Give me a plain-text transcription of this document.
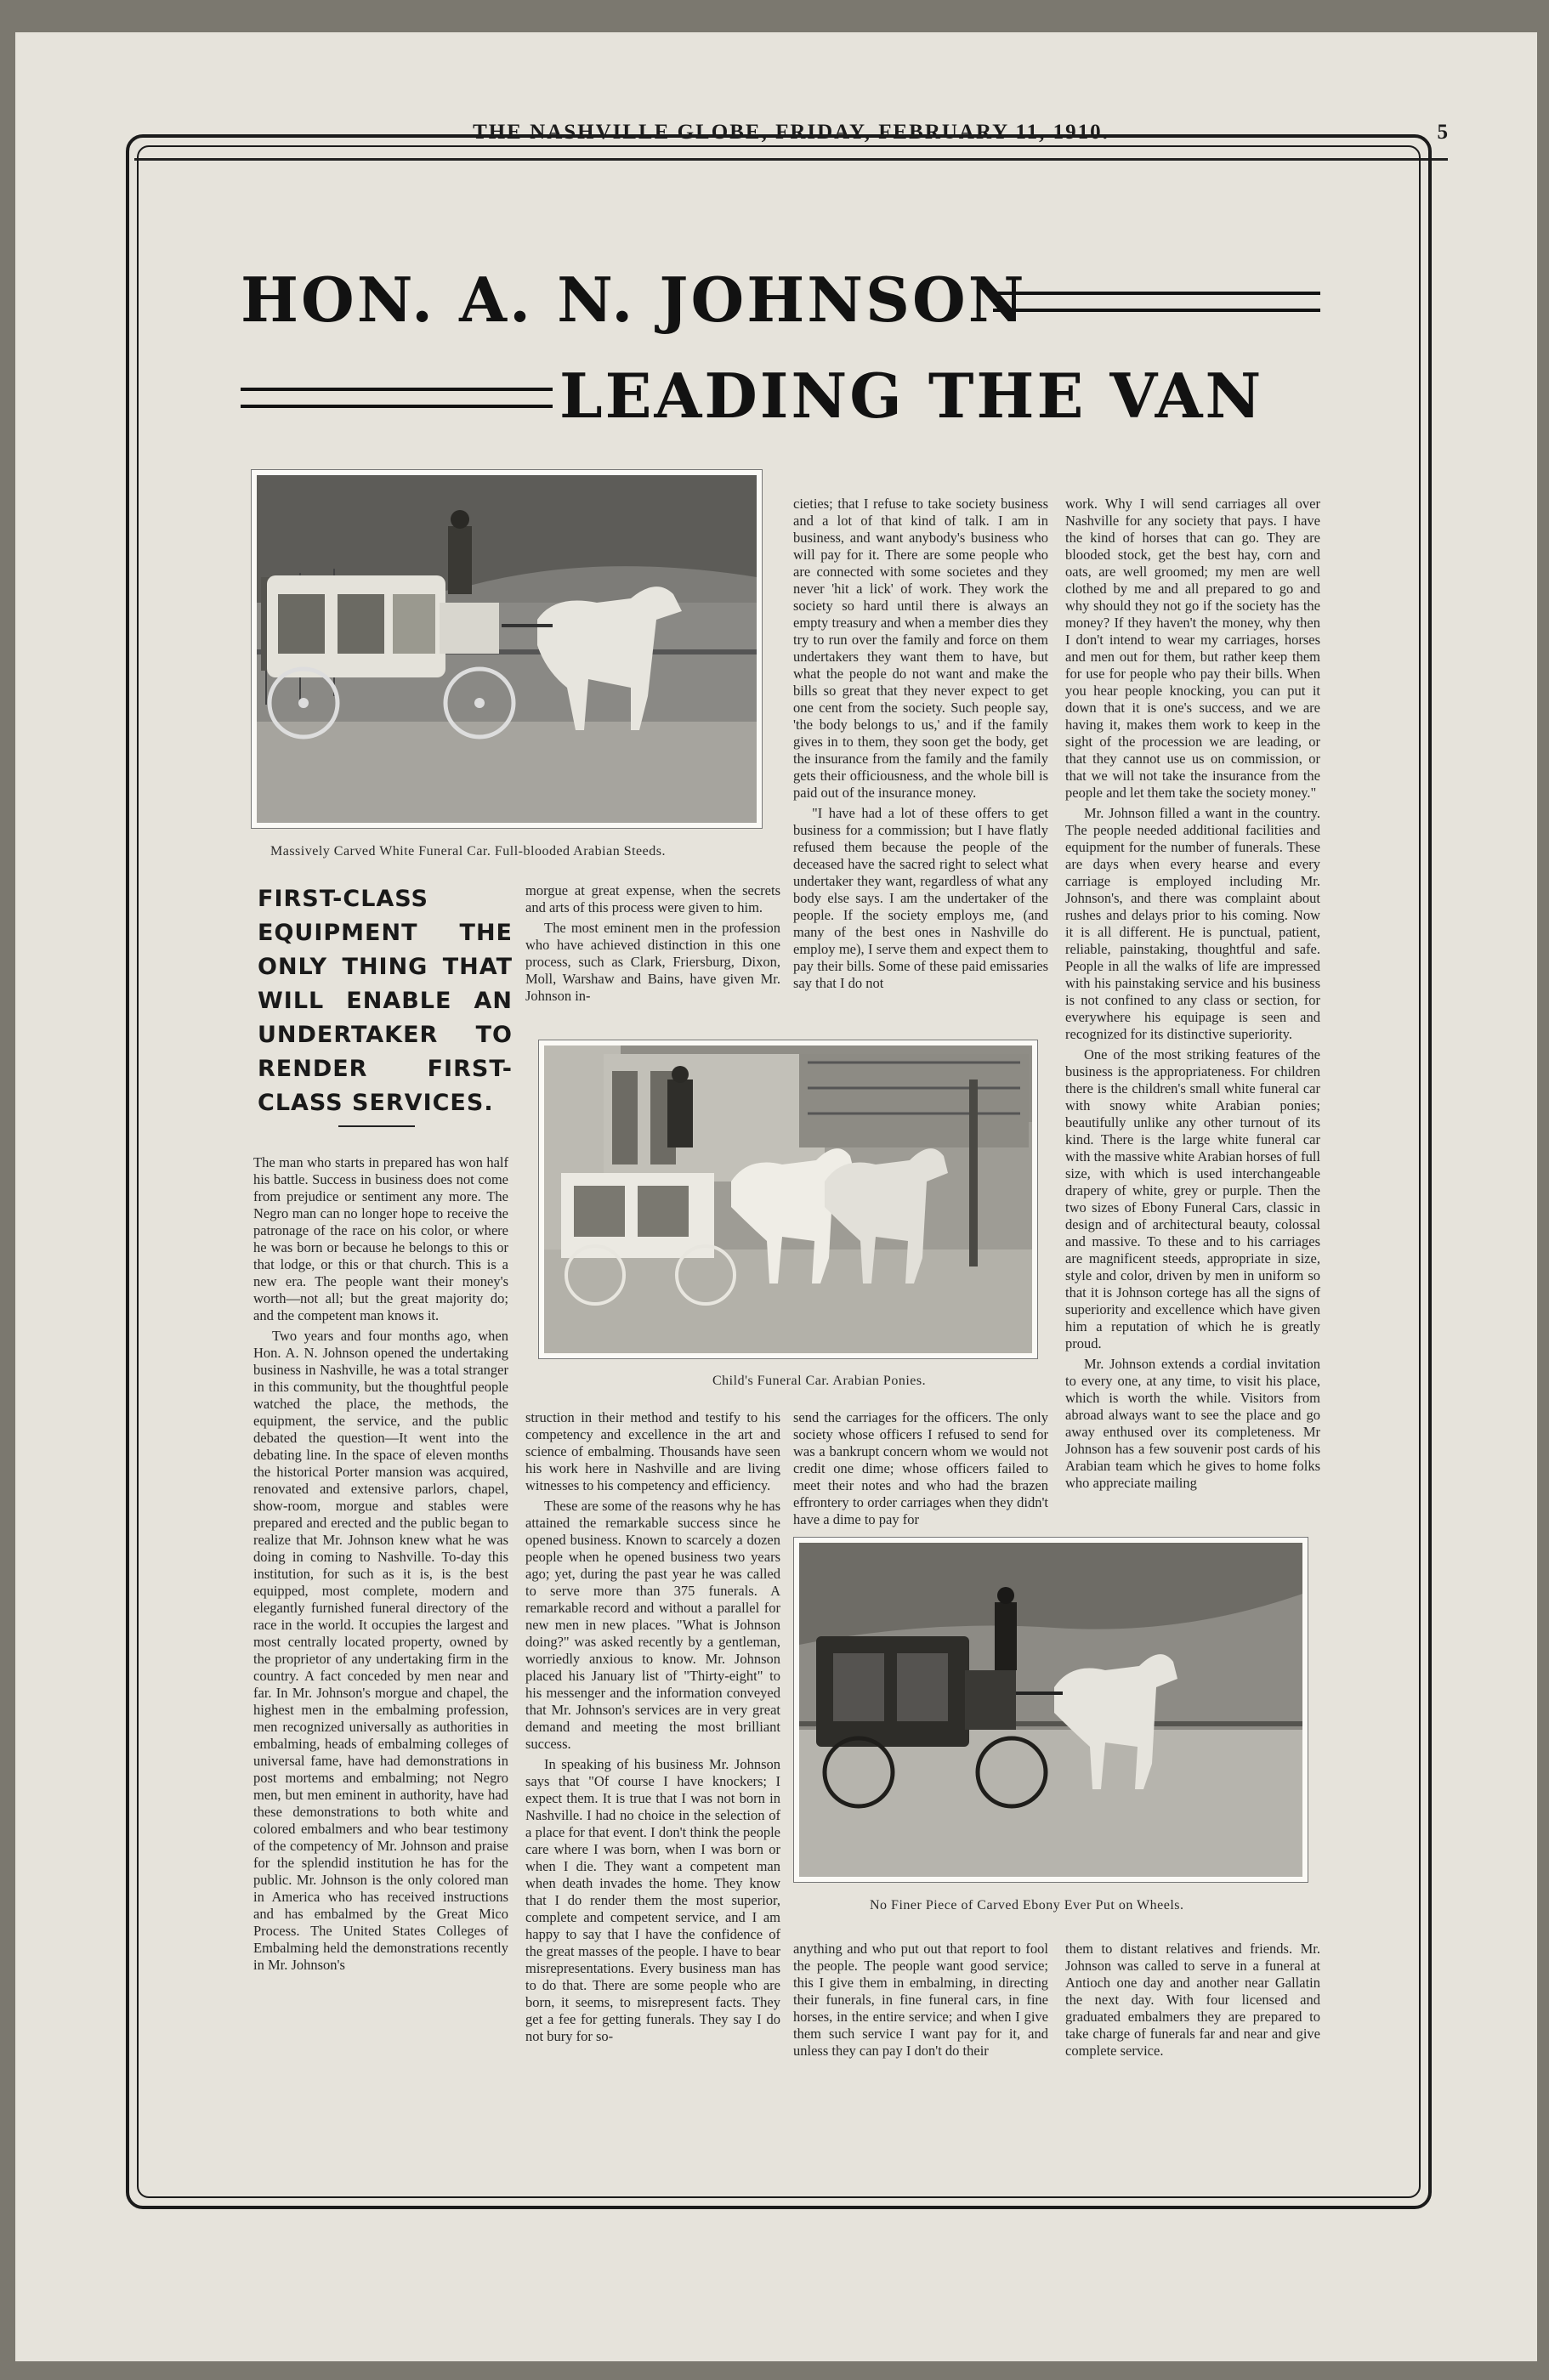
THE NASHVILLE GLOBE, FRIDAY, FEBRUARY 11, 1910.	5
HON. A. N. JOHNSON
LEADING THE VAN
Massively Carved White Funeral Car. Full-blooded Arabian Steeds.
FIRST-CLASS EQUIPMENT THE ONLY THING THAT WILL ENABLE AN UNDERTAKER TO RENDER FIRST-CLASS SERVICES.

The man who starts in prepared has won half his battle. Success in business does not come from prejudice or sentiment any more. The Negro man can no longer hope to receive the patronage of the race on his color, or where he was born or because he belongs to this or that lodge, or this or that church. This is a new era. The people want their money's worth—not all; but the great majority do; and the competent man knows it.

Two years and four months ago, when Hon. A. N. Johnson opened the undertaking business in Nashville, he was a total stranger in this community, but the thoughtful people watched the place, the methods, the equipment, the service, and the public debated the question—It went into the debating line. In the space of eleven months the historical Porter mansion was acquired, renovated and extensive parlors, chapel, show-room, morgue and stables were prepared and erected and the public began to realize that Mr. Johnson knew what he was doing in coming to Nashville. To-day this institution, for such as it is, is the best equipped, most complete, modern and elegantly furnished funeral directory of the race in the world. It occupies the largest and most centrally located property, owned by the proprietor of any undertaking firm in the country. A fact conceded by men near and far. In Mr. Johnson's morgue and chapel, the highest men in the embalming profession, men recognized universally as authorities in embalming, heads of embalming colleges of universal fame, have had demonstrations in post mortems and embalming; not Negro men, but men eminent in authority, have had these demonstrations to both white and colored embalmers and who bear testimony of the competency of Mr. Johnson and praise for the splendid institution he has for the public. Mr. Johnson is the only colored man in America who has received instructions and has embalmed by the Great Mico Process. The United States Colleges of Embalming held the demonstrations recently in Mr. Johnson's

morgue at great expense, when the secrets and arts of this process were given to him.

The most eminent men in the profession who have achieved distinction in this one process, such as Clark, Friersburg, Dixon, Moll, Warshaw and Bains, have given Mr. Johnson in-

cieties; that I refuse to take society business and a lot of that kind of talk. I am in business, and want anybody's business who will pay for it. There are some people who are connected with some societes and they never 'hit a lick' of work. They work the society so hard until there is always an empty treasury and when a member dies they try to run over the family and force on them undertakers they want them to have, but what the people do not want and make the bills so great that they never expect to get one cent from the society. Such people say, 'the body belongs to us,' and if the family gives in to them, they soon get the body, get the insurance from the family and the family gets their officiousness, and the whole bill is paid out of the insurance money.

"I have had a lot of these offers to get business for a commission; but I have flatly refused them because the people of the deceased have the sacred right to select what undertaker they want, regardless of what any body else says. I am the undertaker of the people. If the society employs me, (and many of the best ones in Nashville do employ me), I serve them and expect them to pay their bills. Some of these paid emissaries say that I do not

work. Why I will send carriages all over Nashville for any society that pays. I have the kind of horses that can go. They are blooded stock, get the best hay, corn and oats, are well groomed; my men are well clothed by me and all prepared to go and why should they not go if the society has the money? If they haven't the money, why then I don't intend to wear my carriages, horses and men out for them, but rather keep them for use for people who pay their bills. When you hear people knocking, you can put it down that it is one's success, and we are having it, makes them work to keep in the sight of the procession we are leading, or that they cannot use us on commission, or that we will not take the insurance from the people and let them take the society money."

Mr. Johnson filled a want in the country. The people needed additional facilities and equipment for the number of funerals. These are days when every hearse and every carriage is employed including Mr. Johnson's, and there was complaint about rushes and delays prior to his coming. Now it is all different. He is punctual, patient, reliable, painstaking, thoughtful and safe. People in all the walks of life are impressed with his painstaking service and his business is not confined to any class or section, for everywhere his equipage is seen and recognized for its distinctive superiority.

One of the most striking features of the business is the appropriateness. For children there is the children's small white funeral car with snowy white Arabian ponies; beautifully unlike any other turnout of its kind. There is the large white funeral car with the massive white Arabian horses of full size, with which is used interchangeable drapery of white, grey or purple. Then the two sizes of Ebony Funeral Cars, classic in design and of architectural beauty, colossal and massive. To these and to his carriages are magnificent steeds, appropriate in size, style and color, driven by men in uniform so that it is Johnson cortege has all the signs of superiority and excellence which have given him a reputation of which he is greatly proud.

Mr. Johnson extends a cordial invitation to every one, at any time, to visit his place, which is worth the while. Visitors from abroad always want to see the place and go away enthused over its completeness. Mr Johnson has a few souvenir post cards of his Arabian team which he gives to home folks who appreciate mailing

Child's Funeral Car. Arabian Ponies.

struction in their method and testify to his competency and excellence in the art and science of embalming. Thousands have seen his work here in Nashville and are living witnesses to his competency and efficiency.

These are some of the reasons why he has attained the remarkable success since he opened business. Known to scarcely a dozen people when he opened business two years ago; yet, during the past year he was called to serve more than 375 funerals. A remarkable record and without a parallel for new men in new places. "What is Johnson doing?" was asked recently by a gentleman, worriedly anxious to know. Mr. Johnson placed his January list of "Thirty-eight" to his messenger and the information conveyed that Mr. Johnson's services are in very great demand and meeting the most brilliant success.

In speaking of his business Mr. Johnson says that "Of course I have knockers; I expect them. It is true that I was not born in Nashville. I had no choice in the selection of a place for that event. I don't think the people care where I was born, when I was born or when I die. They want a competent man when death invades the home. They know that I do render them the most superior, complete and competent service, and I am happy to say that I have the confidence of the great masses of the people. I have to bear misrepresentations. Every business man has to do that. There are some people who are born, it seems, to misrepresent facts. They get a fee for getting funerals. They say I do not bury for so-

send the carriages for the officers. The only society whose officers I refused to send for was a bankrupt concern whom we would not credit one dime; whose officers failed to meet their notes and who had the brazen effrontery to order carriages when they didn't have a dime to pay for

No Finer Piece of Carved Ebony Ever Put on Wheels.

anything and who put out that report to fool the people. The people want good service; this I give them in embalming, in directing their funerals, in fine funeral cars, in fine horses, in the entire service; and when I give them such service I want pay for it, and unless they can pay I don't do their

them to distant relatives and friends. Mr. Johnson was called to serve in a funeral at Antioch one day and another near Gallatin the next day. With four licensed and graduated embalmers they are prepared to take charge of funerals far and near and give complete service.
